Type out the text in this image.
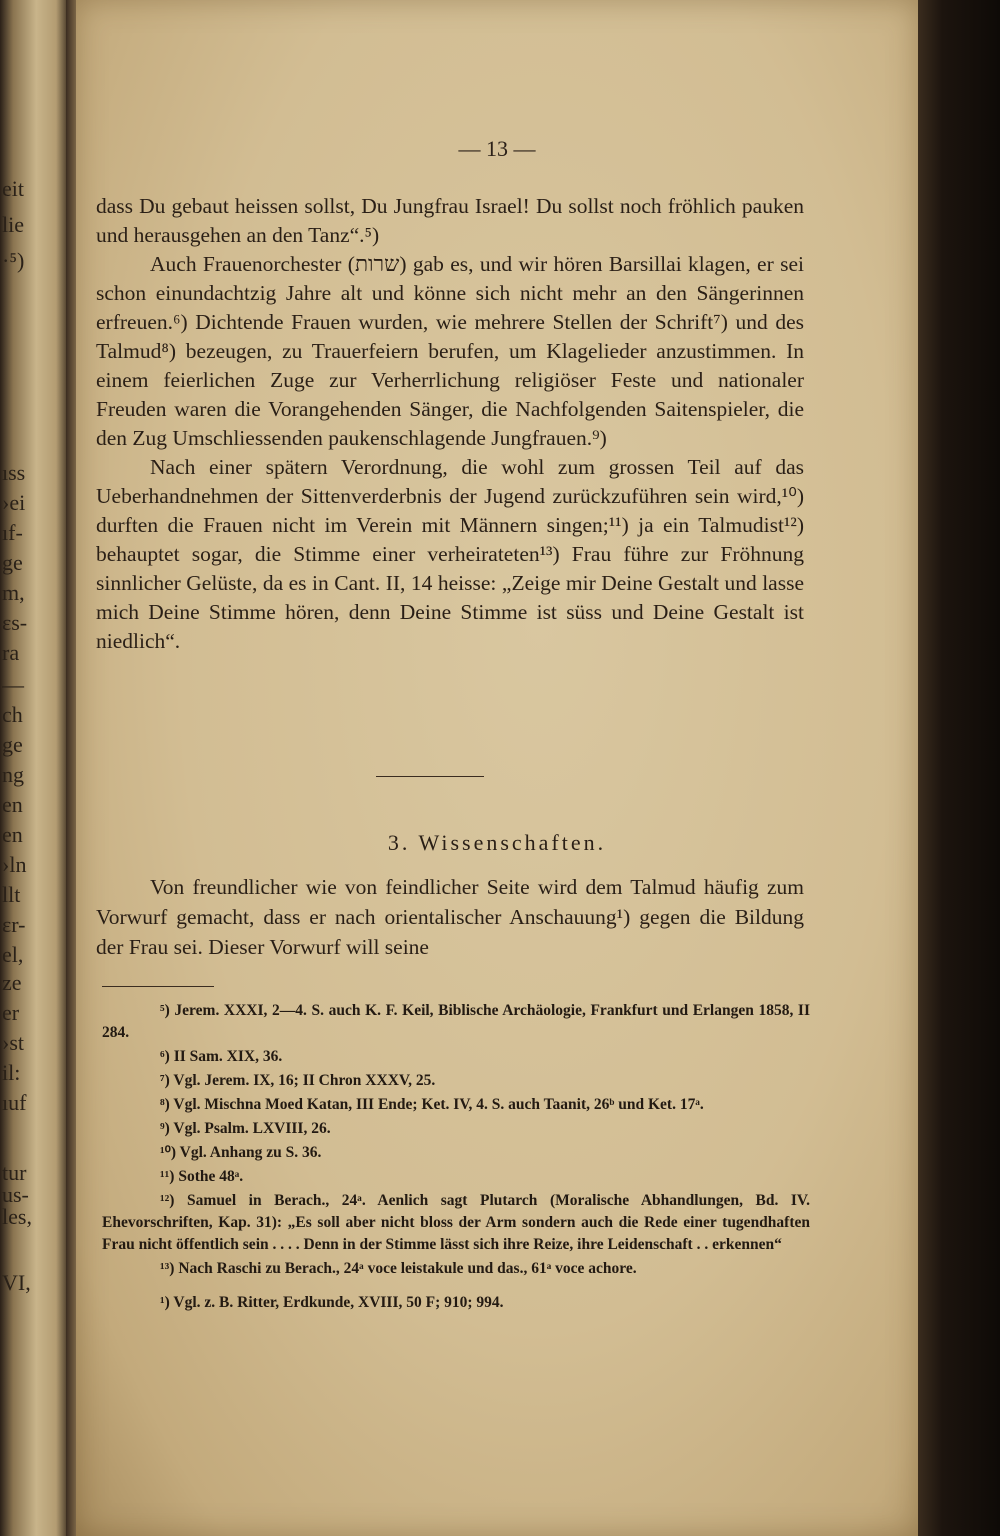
eit
lie
·⁵)
ıss
›ei
ıf-
ge
m,
ɛs-
ra
—
ch
ge
ng
en
en
›ln
llt
ɛr-
el,
ze
er
›st
il:
ıuf
tur
us-
les,
VI,
— 13 —

dass Du gebaut heissen sollst, Du Jungfrau Israel! Du sollst noch fröhlich pauken und herausgehen an den Tanz“.⁵)

Auch Frauenorchester (שרות) gab es, und wir hören Barsillai klagen, er sei schon einundachtzig Jahre alt und könne sich nicht mehr an den Sängerinnen erfreuen.⁶) Dichtende Frauen wurden, wie mehrere Stellen der Schrift⁷) und des Talmud⁸) bezeugen, zu Trauerfeiern berufen, um Klagelieder anzustimmen. In einem feierlichen Zuge zur Verherrlichung religiöser Feste und nationaler Freuden waren die Vorangehenden Sänger, die Nachfolgenden Saitenspieler, die den Zug Umschliessenden paukenschlagende Jungfrauen.⁹)

Nach einer spätern Verordnung, die wohl zum grossen Teil auf das Ueberhandnehmen der Sittenverderbnis der Jugend zurückzuführen sein wird,¹⁰) durften die Frauen nicht im Verein mit Männern singen;¹¹) ja ein Talmudist¹²) behauptet sogar, die Stimme einer verheirateten¹³) Frau führe zur Fröhnung sinnlicher Gelüste, da es in Cant. II, 14 heisse: „Zeige mir Deine Gestalt und lasse mich Deine Stimme hören, denn Deine Stimme ist süss und Deine Gestalt ist niedlich“.

3. Wissenschaften.
Von freundlicher wie von feindlicher Seite wird dem Talmud häufig zum Vorwurf gemacht, dass er nach orientalischer Anschauung¹) gegen die Bildung der Frau sei. Dieser Vorwurf will seine
⁵) Jerem. XXXI, 2—4. S. auch K. F. Keil, Biblische Archäologie, Frankfurt und Erlangen 1858, II 284.
⁶) II Sam. XIX, 36.
⁷) Vgl. Jerem. IX, 16; II Chron XXXV, 25.
⁸) Vgl. Mischna Moed Katan, III Ende; Ket. IV, 4. S. auch Taanit, 26ᵇ und Ket. 17ᵃ.
⁹) Vgl. Psalm. LXVIII, 26.
¹⁰) Vgl. Anhang zu S. 36.
¹¹) Sothe 48ᵃ.
¹²) Samuel in Berach., 24ᵃ. Aenlich sagt Plutarch (Moralische Abhandlungen, Bd. IV. Ehevorschriften, Kap. 31): „Es soll aber nicht bloss der Arm sondern auch die Rede einer tugendhaften Frau nicht öffentlich sein . . . . Denn in der Stimme lässt sich ihre Reize, ihre Leidenschaft . . erkennen“
¹³) Nach Raschi zu Berach., 24ᵃ voce leistakule und das., 61ᵃ voce achore.
¹) Vgl. z. B. Ritter, Erdkunde, XVIII, 50 F; 910; 994.
